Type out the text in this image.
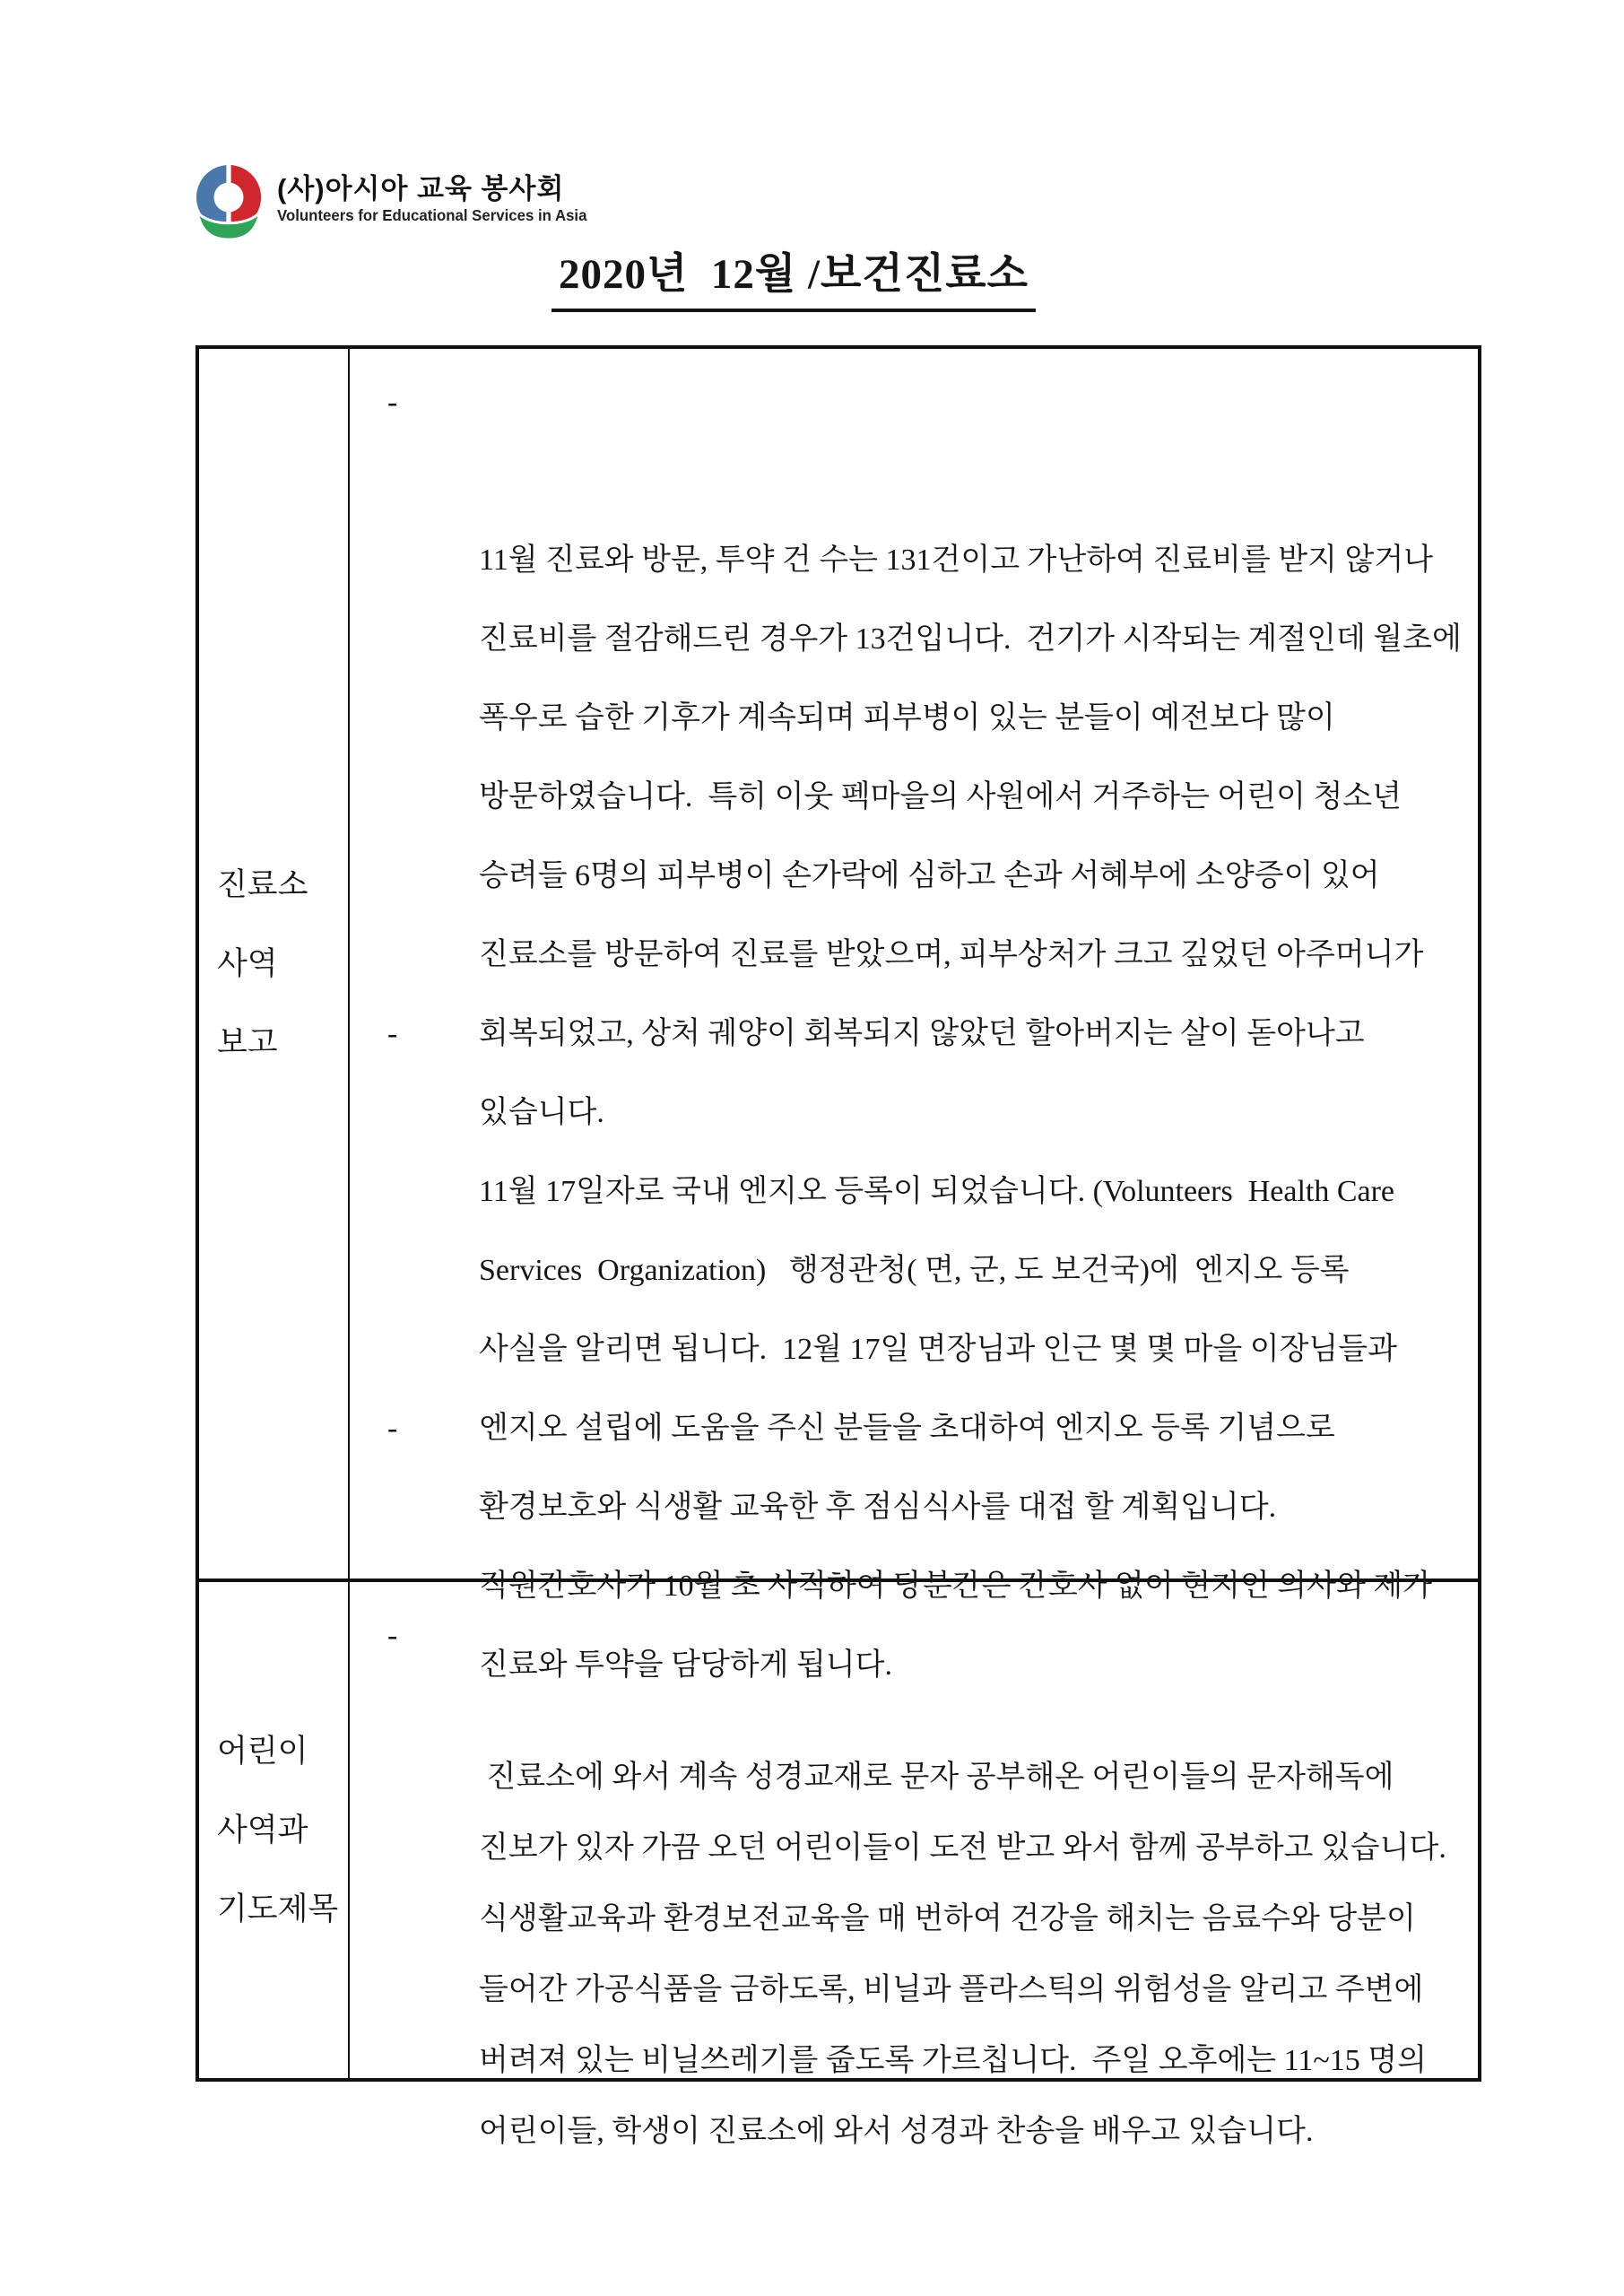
(사)아시아 교육 봉사회
Volunteers for Educational Services in Asia
2020년  12월 /보건진료소
진료소
사역
보고

-

11월 진료와 방문, 투약 건 수는 131건이고 가난하여 진료비를 받지 않거나

진료비를 절감해드린 경우가 13건입니다.  건기가 시작되는 계절인데 월초에

폭우로 습한 기후가 계속되며 피부병이 있는 분들이 예전보다 많이

방문하였습니다.  특히 이웃 펙마을의 사원에서 거주하는 어린이 청소년

승려들 6명의 피부병이 손가락에 심하고 손과 서혜부에 소양증이 있어

진료소를 방문하여 진료를 받았으며, 피부상처가 크고 깊었던 아주머니가

회복되었고, 상처 궤양이 회복되지 않았던 할아버지는 살이 돋아나고

있습니다.

-

11월 17일자로 국내 엔지오 등록이 되었습니다. (Volunteers  Health Care

Services  Organization)   행정관청( 면, 군, 도 보건국)에  엔지오 등록

사실을 알리면 됩니다.  12월 17일 면장님과 인근 몇 몇 마을 이장님들과

엔지오 설립에 도움을 주신 분들을 초대하여 엔지오 등록 기념으로

환경보호와 식생활 교육한 후 점심식사를 대접 할 계획입니다.

-

직원간호사가 10월 초 사직하여 당분간은 간호사 없이 현지인 의사와 제가

진료와 투약을 담당하게 됩니다.

어린이
사역과
기도제목

-

진료소에 와서 계속 성경교재로 문자 공부해온 어린이들의 문자해독에

진보가 있자 가끔 오던 어린이들이 도전 받고 와서 함께 공부하고 있습니다.

식생활교육과 환경보전교육을 매 번하여 건강을 해치는 음료수와 당분이

들어간 가공식품을 금하도록, 비닐과 플라스틱의 위험성을 알리고 주변에

버려져 있는 비닐쓰레기를 줍도록 가르칩니다.  주일 오후에는 11~15 명의

어린이들, 학생이 진료소에 와서 성경과 찬송을 배우고 있습니다.
